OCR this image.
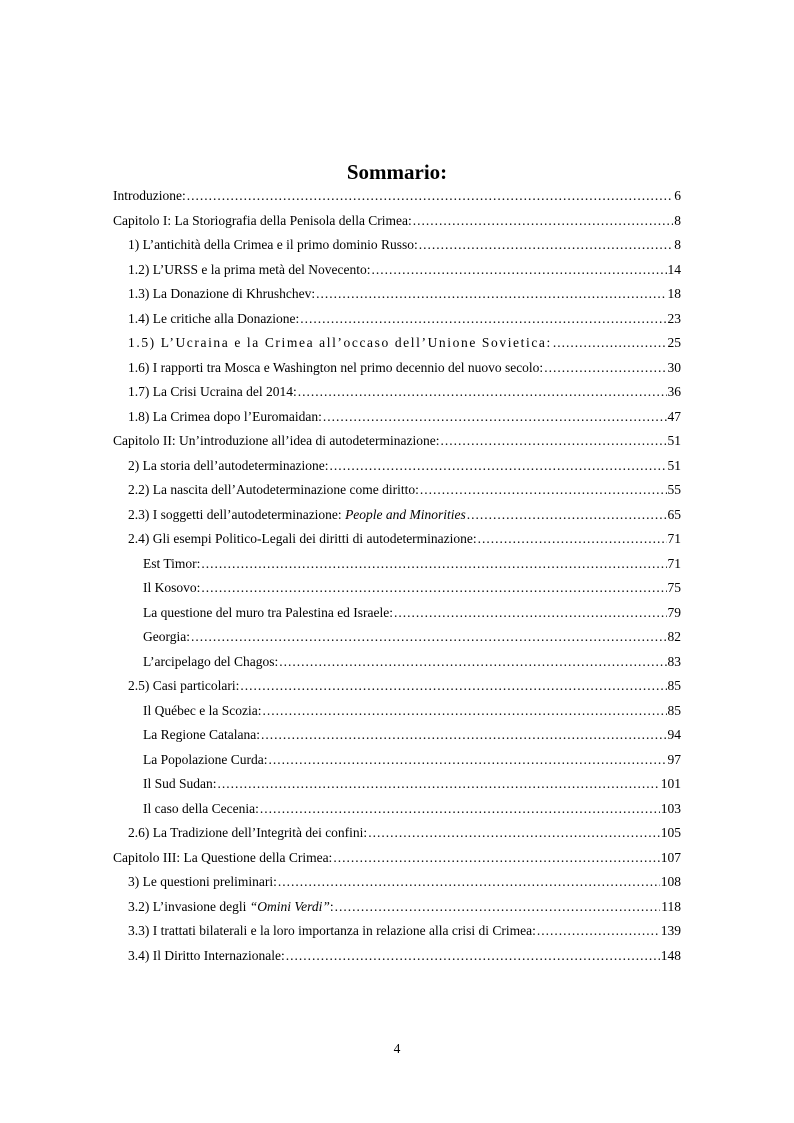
Sommario:
Introduzione: .....	6
Capitolo I: La Storiografia della Penisola della Crimea: .....	8
1) L’antichità della Crimea e il primo dominio Russo: .....	8
1.2) L’URSS e la prima metà del Novecento: .....	14
1.3) La Donazione di Khrushchev: .....	18
1.4) Le critiche alla Donazione: .....	23
1.5) L’Ucraina e la Crimea all’occaso dell’Unione Sovietica: .....	25
1.6) I rapporti tra Mosca e Washington nel primo decennio del nuovo secolo: .....	30
1.7) La Crisi Ucraina del 2014: .....	36
1.8) La Crimea dopo l’Euromaidan: .....	47
Capitolo II: Un’introduzione all’idea di autodeterminazione: .....	51
2) La storia dell’autodeterminazione: .....	51
2.2) La nascita dell’Autodeterminazione come diritto: .....	55
2.3) I soggetti dell’autodeterminazione: People and Minorities .....	65
2.4) Gli esempi Politico-Legali dei diritti di autodeterminazione: .....	71
Est Timor: .....	71
Il Kosovo: .....	75
La questione del muro tra Palestina ed Israele: .....	79
Georgia: .....	82
L’arcipelago del Chagos: .....	83
2.5) Casi particolari: .....	85
Il Québec e la Scozia: .....	85
La Regione Catalana: .....	94
La Popolazione Curda: .....	97
Il Sud Sudan: .....	101
Il caso della Cecenia: .....	103
2.6) La Tradizione dell’Integrità dei confini: .....	105
Capitolo III: La Questione della Crimea: .....	107
3) Le questioni preliminari: .....	108
3.2) L’invasione degli “Omini Verdi”: .....	118
3.3) I trattati bilaterali e la loro importanza in relazione alla crisi di Crimea: .....	139
3.4) Il Diritto Internazionale: .....	148
4
